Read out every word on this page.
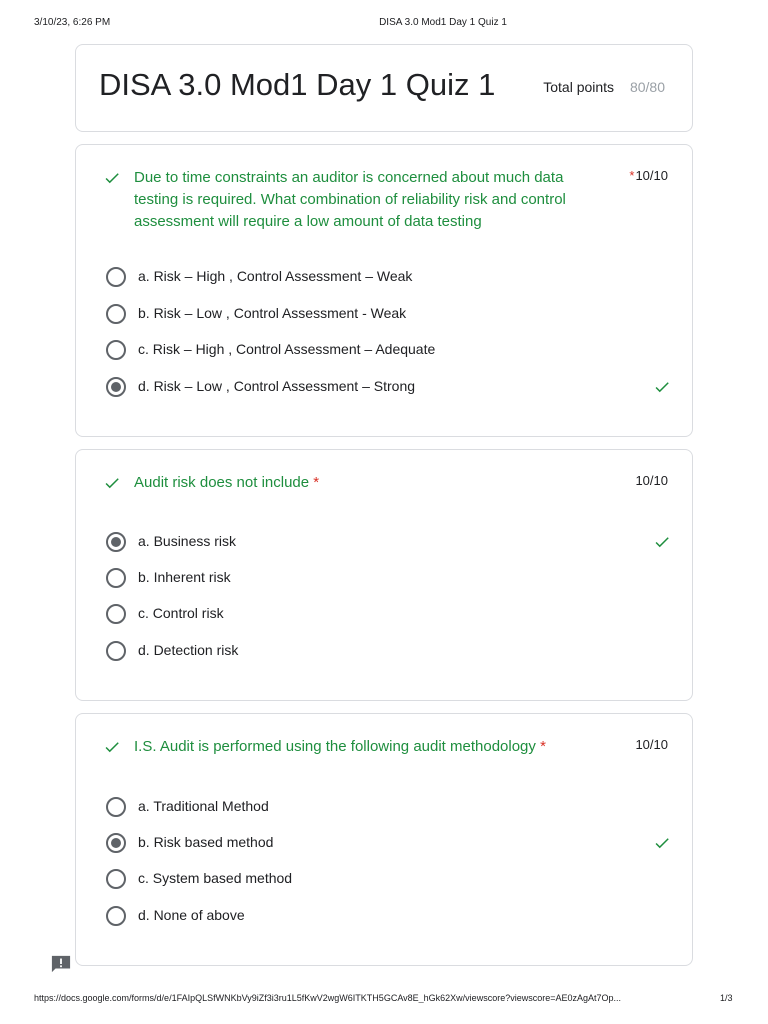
3/10/23, 6:26 PM	DISA 3.0 Mod1 Day 1 Quiz 1
DISA 3.0 Mod1 Day 1 Quiz 1	Total points 80/80
Due to time constraints an auditor is concerned about much data testing is required. What combination of reliability risk and control assessment will require a low amount of data testing
*10/10
a. Risk – High , Control Assessment – Weak
b. Risk – Low , Control Assessment - Weak
c. Risk – High , Control Assessment – Adequate
d. Risk – Low , Control Assessment – Strong
Audit risk does not include *	10/10
a. Business risk
b. Inherent risk
c. Control risk
d. Detection risk
I.S. Audit is performed using the following audit methodology *	10/10
a. Traditional Method
b. Risk based method
c. System based method
d. None of above
https://docs.google.com/forms/d/e/1FAIpQLSfWNKbVy9iZf3i3ru1L5fKwV2wgW6ITKTH5GCAv8E_hGk62Xw/viewscore?viewscore=AE0zAgAt7Op...	1/3
